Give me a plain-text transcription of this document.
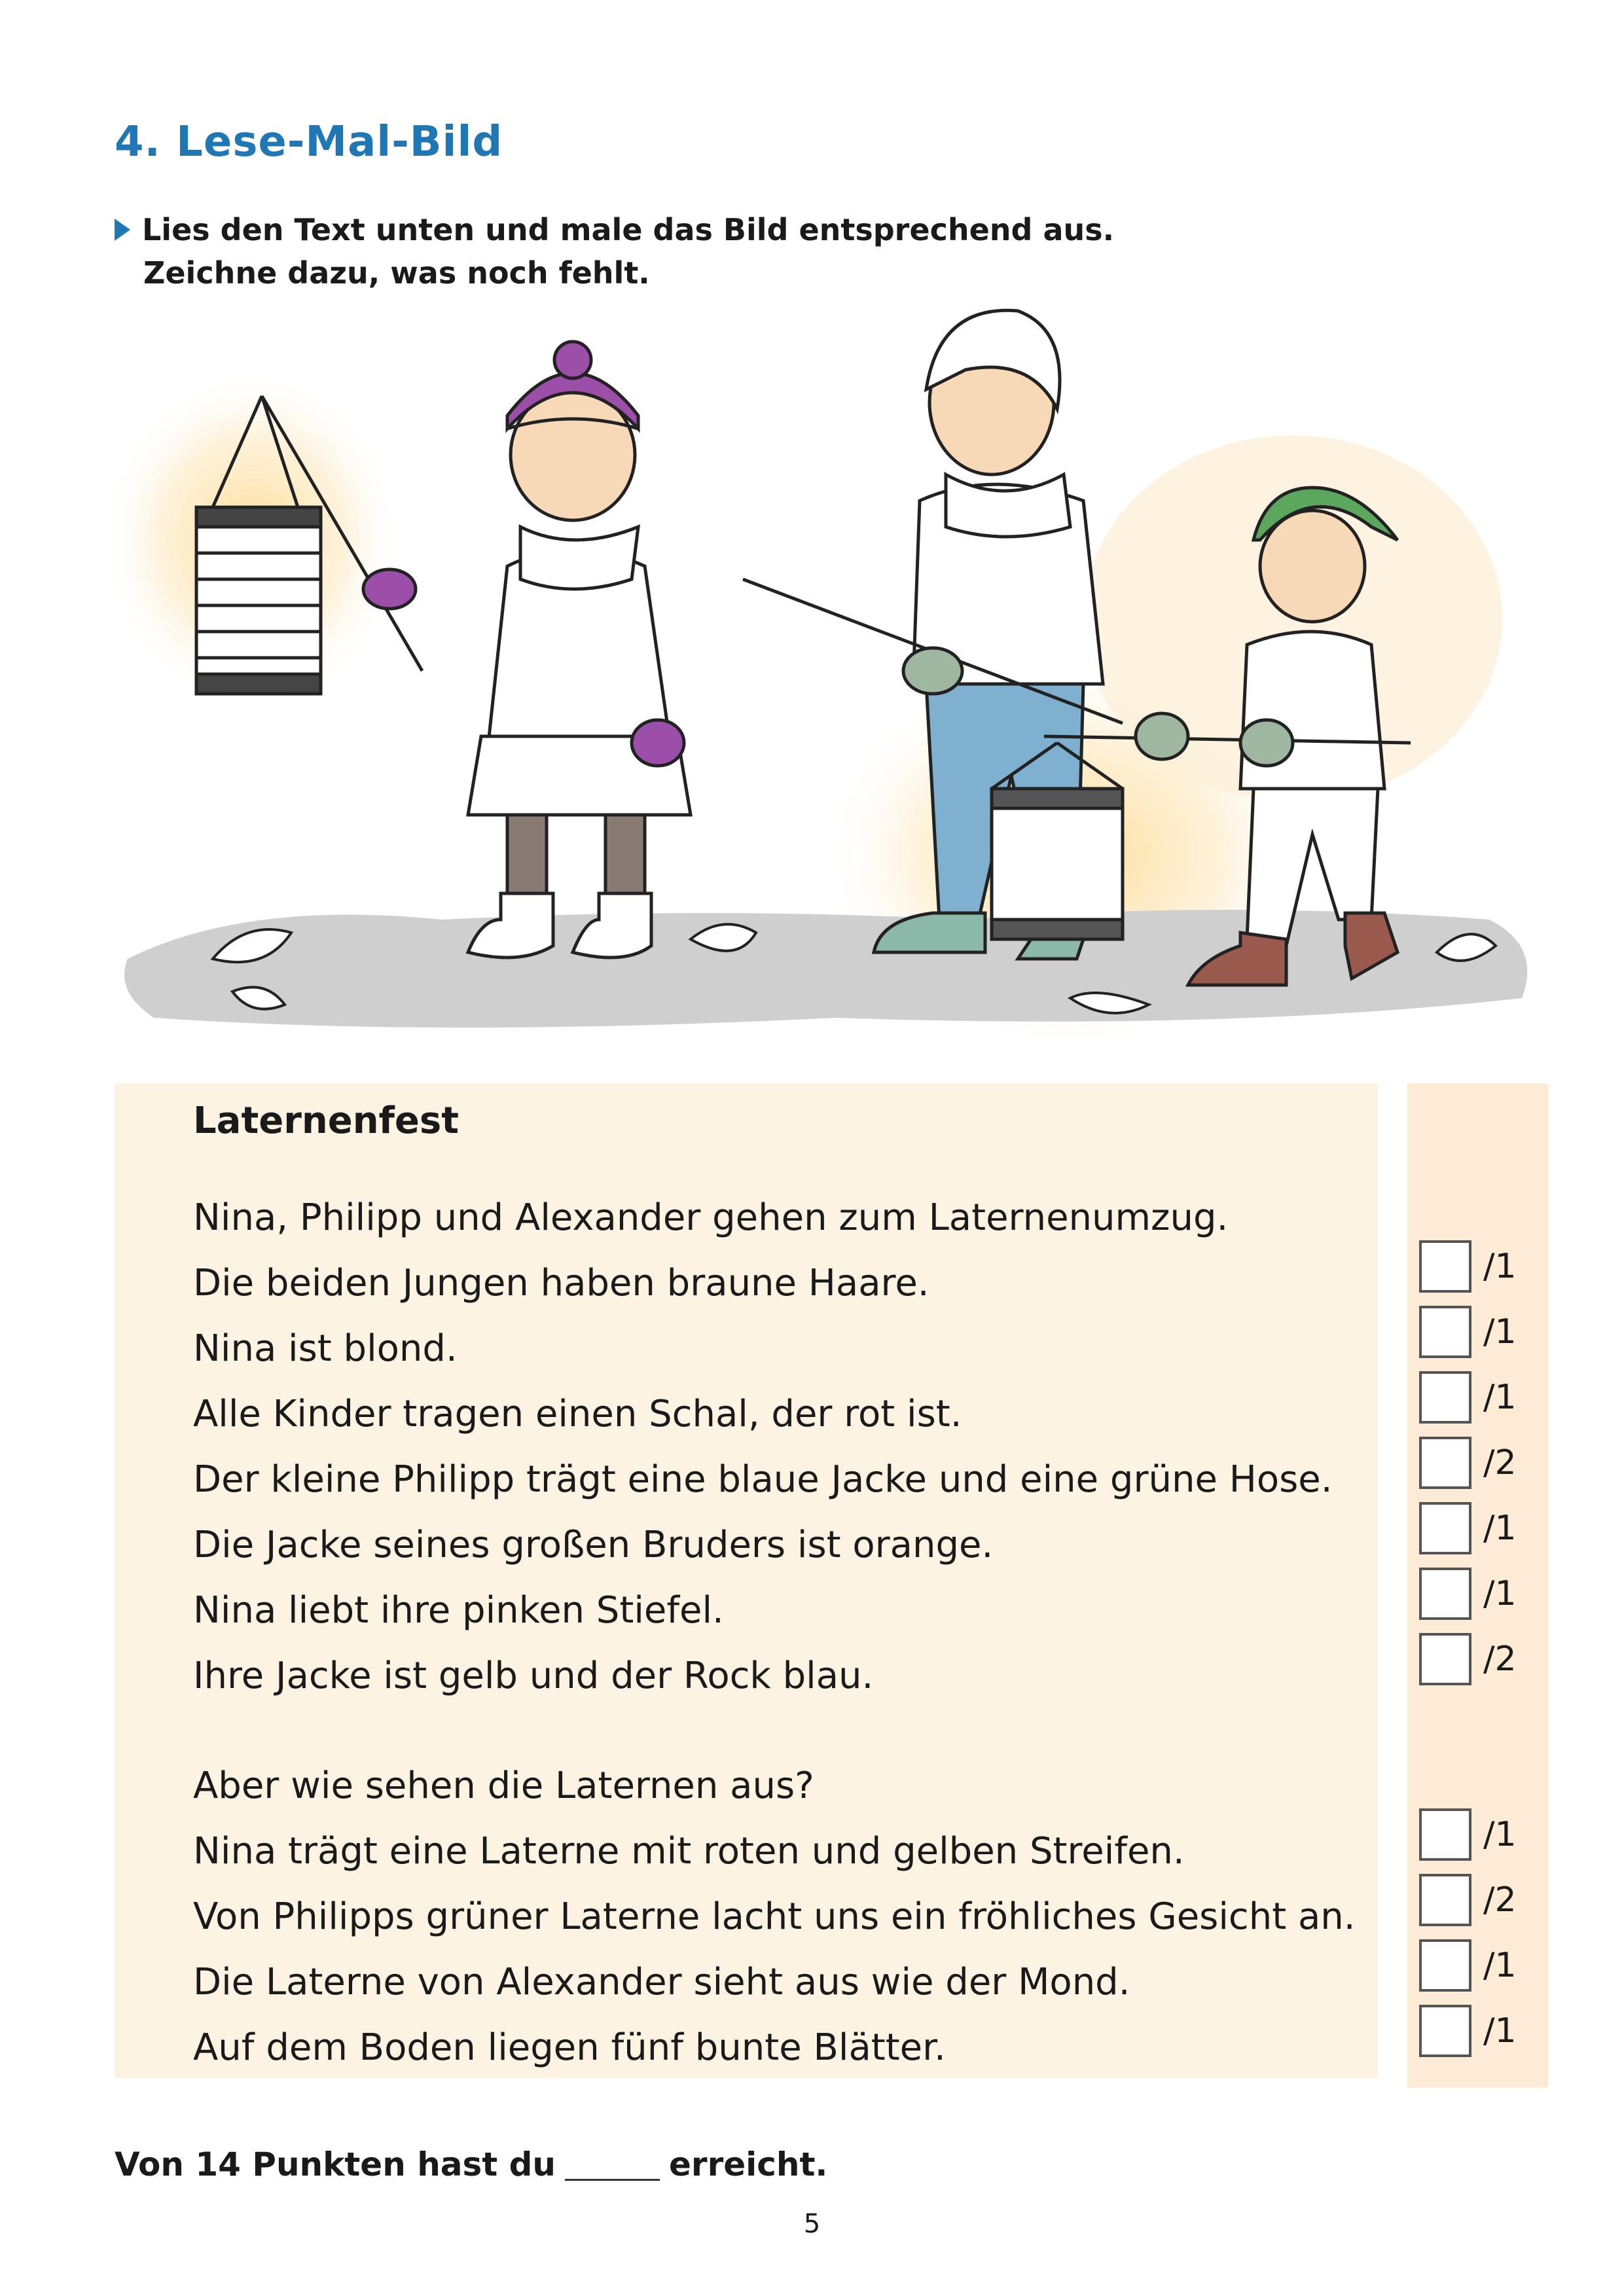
4. Lese-Mal-Bild
Lies den Text unten und male das Bild entsprechend aus.
Zeichne dazu, was noch fehlt.
Laternenfest
Nina, Philipp und Alexander gehen zum Laternenumzug.
Die beiden Jungen haben braune Haare.
Nina ist blond.
Alle Kinder tragen einen Schal, der rot ist.
Der kleine Philipp trägt eine blaue Jacke und eine grüne Hose.
Die Jacke seines großen Bruders ist orange.
Nina liebt ihre pinken Stiefel.
Ihre Jacke ist gelb und der Rock blau.
Aber wie sehen die Laternen aus?
Nina trägt eine Laterne mit roten und gelben Streifen.
Von Philipps grüner Laterne lacht uns ein fröhliches Gesicht an.
Die Laterne von Alexander sieht aus wie der Mond.
Auf dem Boden liegen fünf bunte Blätter.
/1
/1
/1
/2
/1
/1
/2
/1
/2
/1
/1
Von 14 Punkten hast du	erreicht.
5
